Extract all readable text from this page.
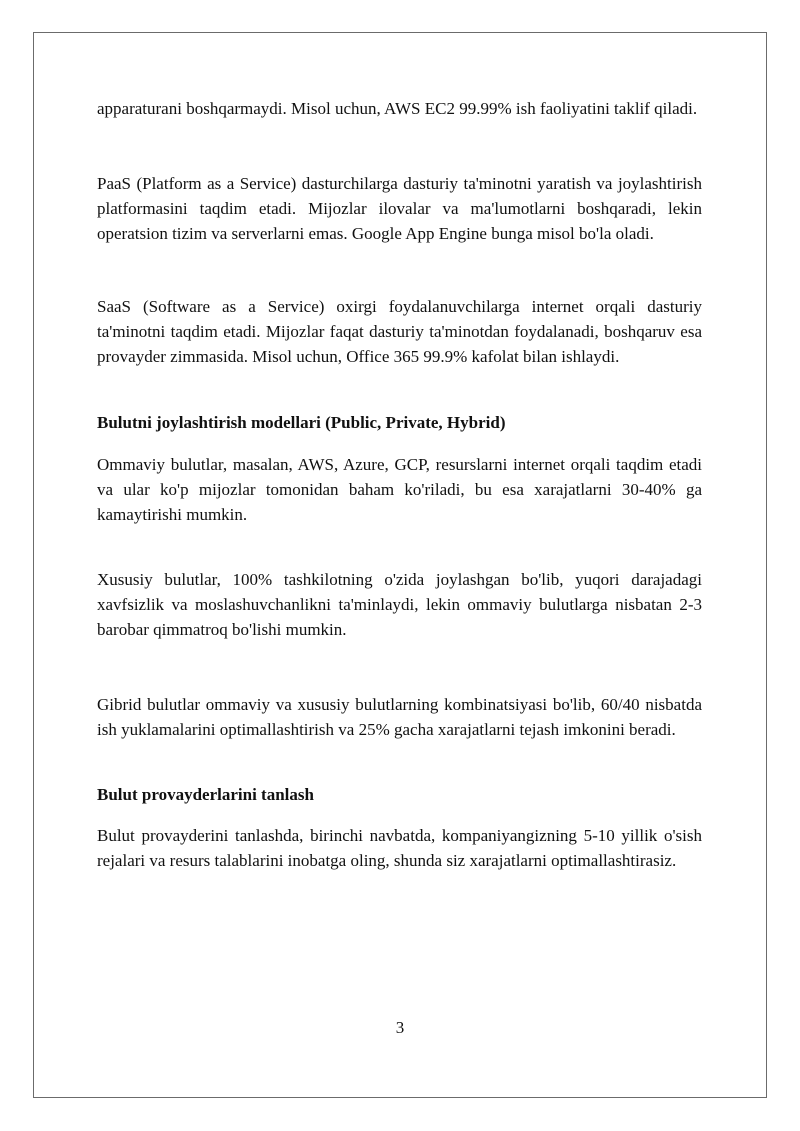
apparaturani boshqarmaydi. Misol uchun, AWS EC2 99.99% ish faoliyatini taklif qiladi.

PaaS (Platform as a Service) dasturchilarga dasturiy ta'minotni yaratish va joylashtirish platformasini taqdim etadi. Mijozlar ilovalar va ma'lumotlarni boshqaradi, lekin operatsion tizim va serverlarni emas. Google App Engine bunga misol bo'la oladi.

SaaS (Software as a Service) oxirgi foydalanuvchilarga internet orqali dasturiy ta'minotni taqdim etadi. Mijozlar faqat dasturiy ta'minotdan foydalanadi, boshqaruv esa provayder zimmasida. Misol uchun, Office 365 99.9% kafolat bilan ishlaydi.

Bulutni joylashtirish modellari (Public, Private, Hybrid)

Ommaviy bulutlar, masalan, AWS, Azure, GCP, resurslarni internet orqali taqdim etadi va ular ko'p mijozlar tomonidan baham ko'riladi, bu esa xarajatlarni 30-40% ga kamaytirishi mumkin.

Xususiy bulutlar, 100% tashkilotning o'zida joylashgan bo'lib, yuqori darajadagi xavfsizlik va moslashuvchanlikni ta'minlaydi, lekin ommaviy bulutlarga nisbatan 2-3 barobar qimmatroq bo'lishi mumkin.

Gibrid bulutlar ommaviy va xususiy bulutlarning kombinatsiyasi bo'lib, 60/40 nisbatda ish yuklamalarini optimallashtirish va 25% gacha xarajatlarni tejash imkonini beradi.

Bulut provayderlarini tanlash

Bulut provayderini tanlashda, birinchi navbatda, kompaniyangizning 5-10 yillik o'sish rejalari va resurs talablarini inobatga oling, shunda siz xarajatlarni optimallashtirasiz.

3
